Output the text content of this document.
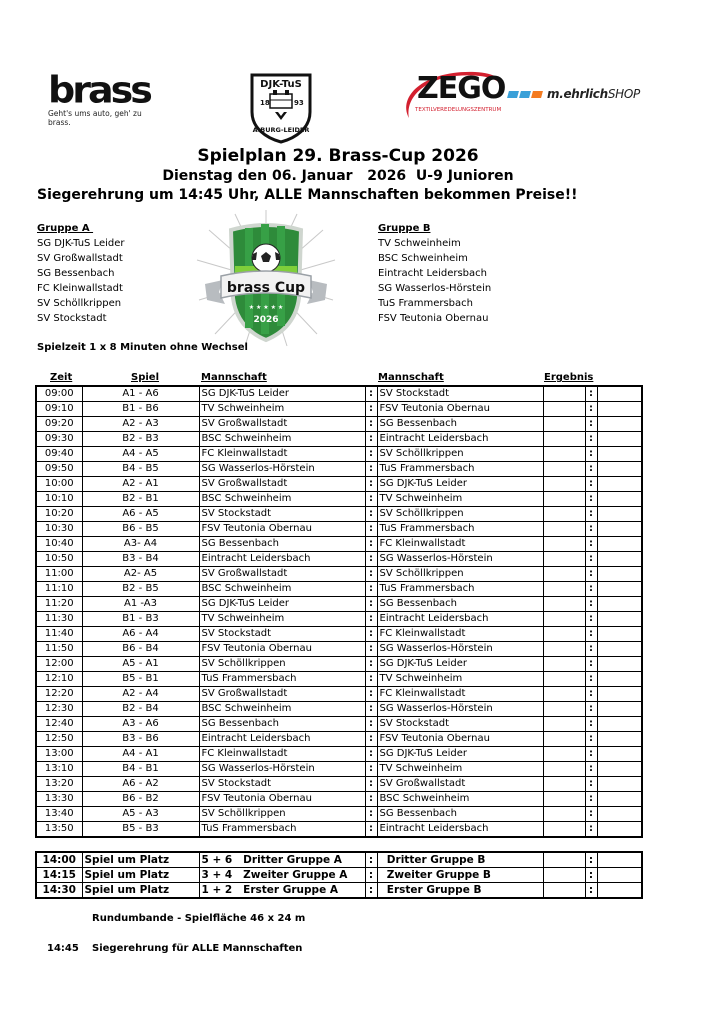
brass
Geht's ums auto, geh' zu brass.
DJK-TuS
18	93
A.BURG-LEIDER
ZEGO
TEXTILVEREDELUNGSZENTRUM
m.ehrlichSHOP
Spielplan 29. Brass-Cup 2026
Dienstag den 06. Januar   2026  U-9 Junioren
Siegerehrung um 14:45 Uhr, ALLE Mannschaften bekommen Preise!!
Gruppe A
SG DJK-TuS Leider
SV Großwallstadt
SG Bessenbach
FC Kleinwallstadt
SV Schöllkrippen
SV Stockstadt
brass Cup
★ ★ ★ ★ ★
2026
Gruppe B
TV Schweinheim
BSC Schweinheim
Eintracht Leidersbach
SG Wasserlos-Hörstein
TuS Frammersbach
FSV Teutonia Obernau
Spielzeit 1 x 8 Minuten ohne Wechsel
Zeit	Spiel	Mannschaft	Mannschaft	Ergebnis
09:00	A1 - A6	SG DJK-TuS Leider	:	SV Stockstadt		:	
09:10	B1 - B6	TV Schweinheim	:	FSV Teutonia Obernau		:	
09:20	A2 - A3	SV Großwallstadt	:	SG Bessenbach		:	
09:30	B2 - B3	BSC Schweinheim	:	Eintracht Leidersbach		:	
09:40	A4 - A5	FC Kleinwallstadt	:	SV Schöllkrippen		:	
09:50	B4 - B5	SG Wasserlos-Hörstein	:	TuS Frammersbach		:	
10:00	A2 - A1	SV Großwallstadt	:	SG DJK-TuS Leider		:	
10:10	B2 - B1	BSC Schweinheim	:	TV Schweinheim		:	
10:20	A6 - A5	SV Stockstadt	:	SV Schöllkrippen		:	
10:30	B6 - B5	FSV Teutonia Obernau	:	TuS Frammersbach		:	
10:40	A3- A4	SG Bessenbach	:	FC Kleinwallstadt		:	
10:50	B3 - B4	Eintracht Leidersbach	:	SG Wasserlos-Hörstein		:	
11:00	A2- A5	SV Großwallstadt	:	SV Schöllkrippen		:	
11:10	B2 - B5	BSC Schweinheim	:	TuS Frammersbach		:	
11:20	A1 -A3	SG DJK-TuS Leider	:	SG Bessenbach		:	
11:30	B1 - B3	TV Schweinheim	:	Eintracht Leidersbach		:	
11:40	A6 - A4	SV Stockstadt	:	FC Kleinwallstadt		:	
11:50	B6 - B4	FSV Teutonia Obernau	:	SG Wasserlos-Hörstein		:	
12:00	A5 - A1	SV Schöllkrippen	:	SG DJK-TuS Leider		:	
12:10	B5 - B1	TuS Frammersbach	:	TV Schweinheim		:	
12:20	A2 - A4	SV Großwallstadt	:	FC Kleinwallstadt		:	
12:30	B2 - B4	BSC Schweinheim	:	SG Wasserlos-Hörstein		:	
12:40	A3 - A6	SG Bessenbach	:	SV Stockstadt		:	
12:50	B3 - B6	Eintracht Leidersbach	:	FSV Teutonia Obernau		:	
13:00	A4 - A1	FC Kleinwallstadt	:	SG DJK-TuS Leider		:	
13:10	B4 - B1	SG Wasserlos-Hörstein	:	TV Schweinheim		:	
13:20	A6 - A2	SV Stockstadt	:	SV Großwallstadt		:	
13:30	B6 - B2	FSV Teutonia Obernau	:	BSC Schweinheim		:	
13:40	A5 - A3	SV Schöllkrippen	:	SG Bessenbach		:	
13:50	B5 - B3	TuS Frammersbach	:	Eintracht Leidersbach		:	
14:00	Spiel um Platz	5 + 6   Dritter Gruppe A	:	Dritter Gruppe B		:	
14:15	Spiel um Platz	3 + 4   Zweiter Gruppe A	:	Zweiter Gruppe B		:	
14:30	Spiel um Platz	1 + 2   Erster Gruppe A	:	Erster Gruppe B		:	
Rundumbande - Spielfläche 46 x 24 m
14:45 Siegerehrung für ALLE Mannschaften
